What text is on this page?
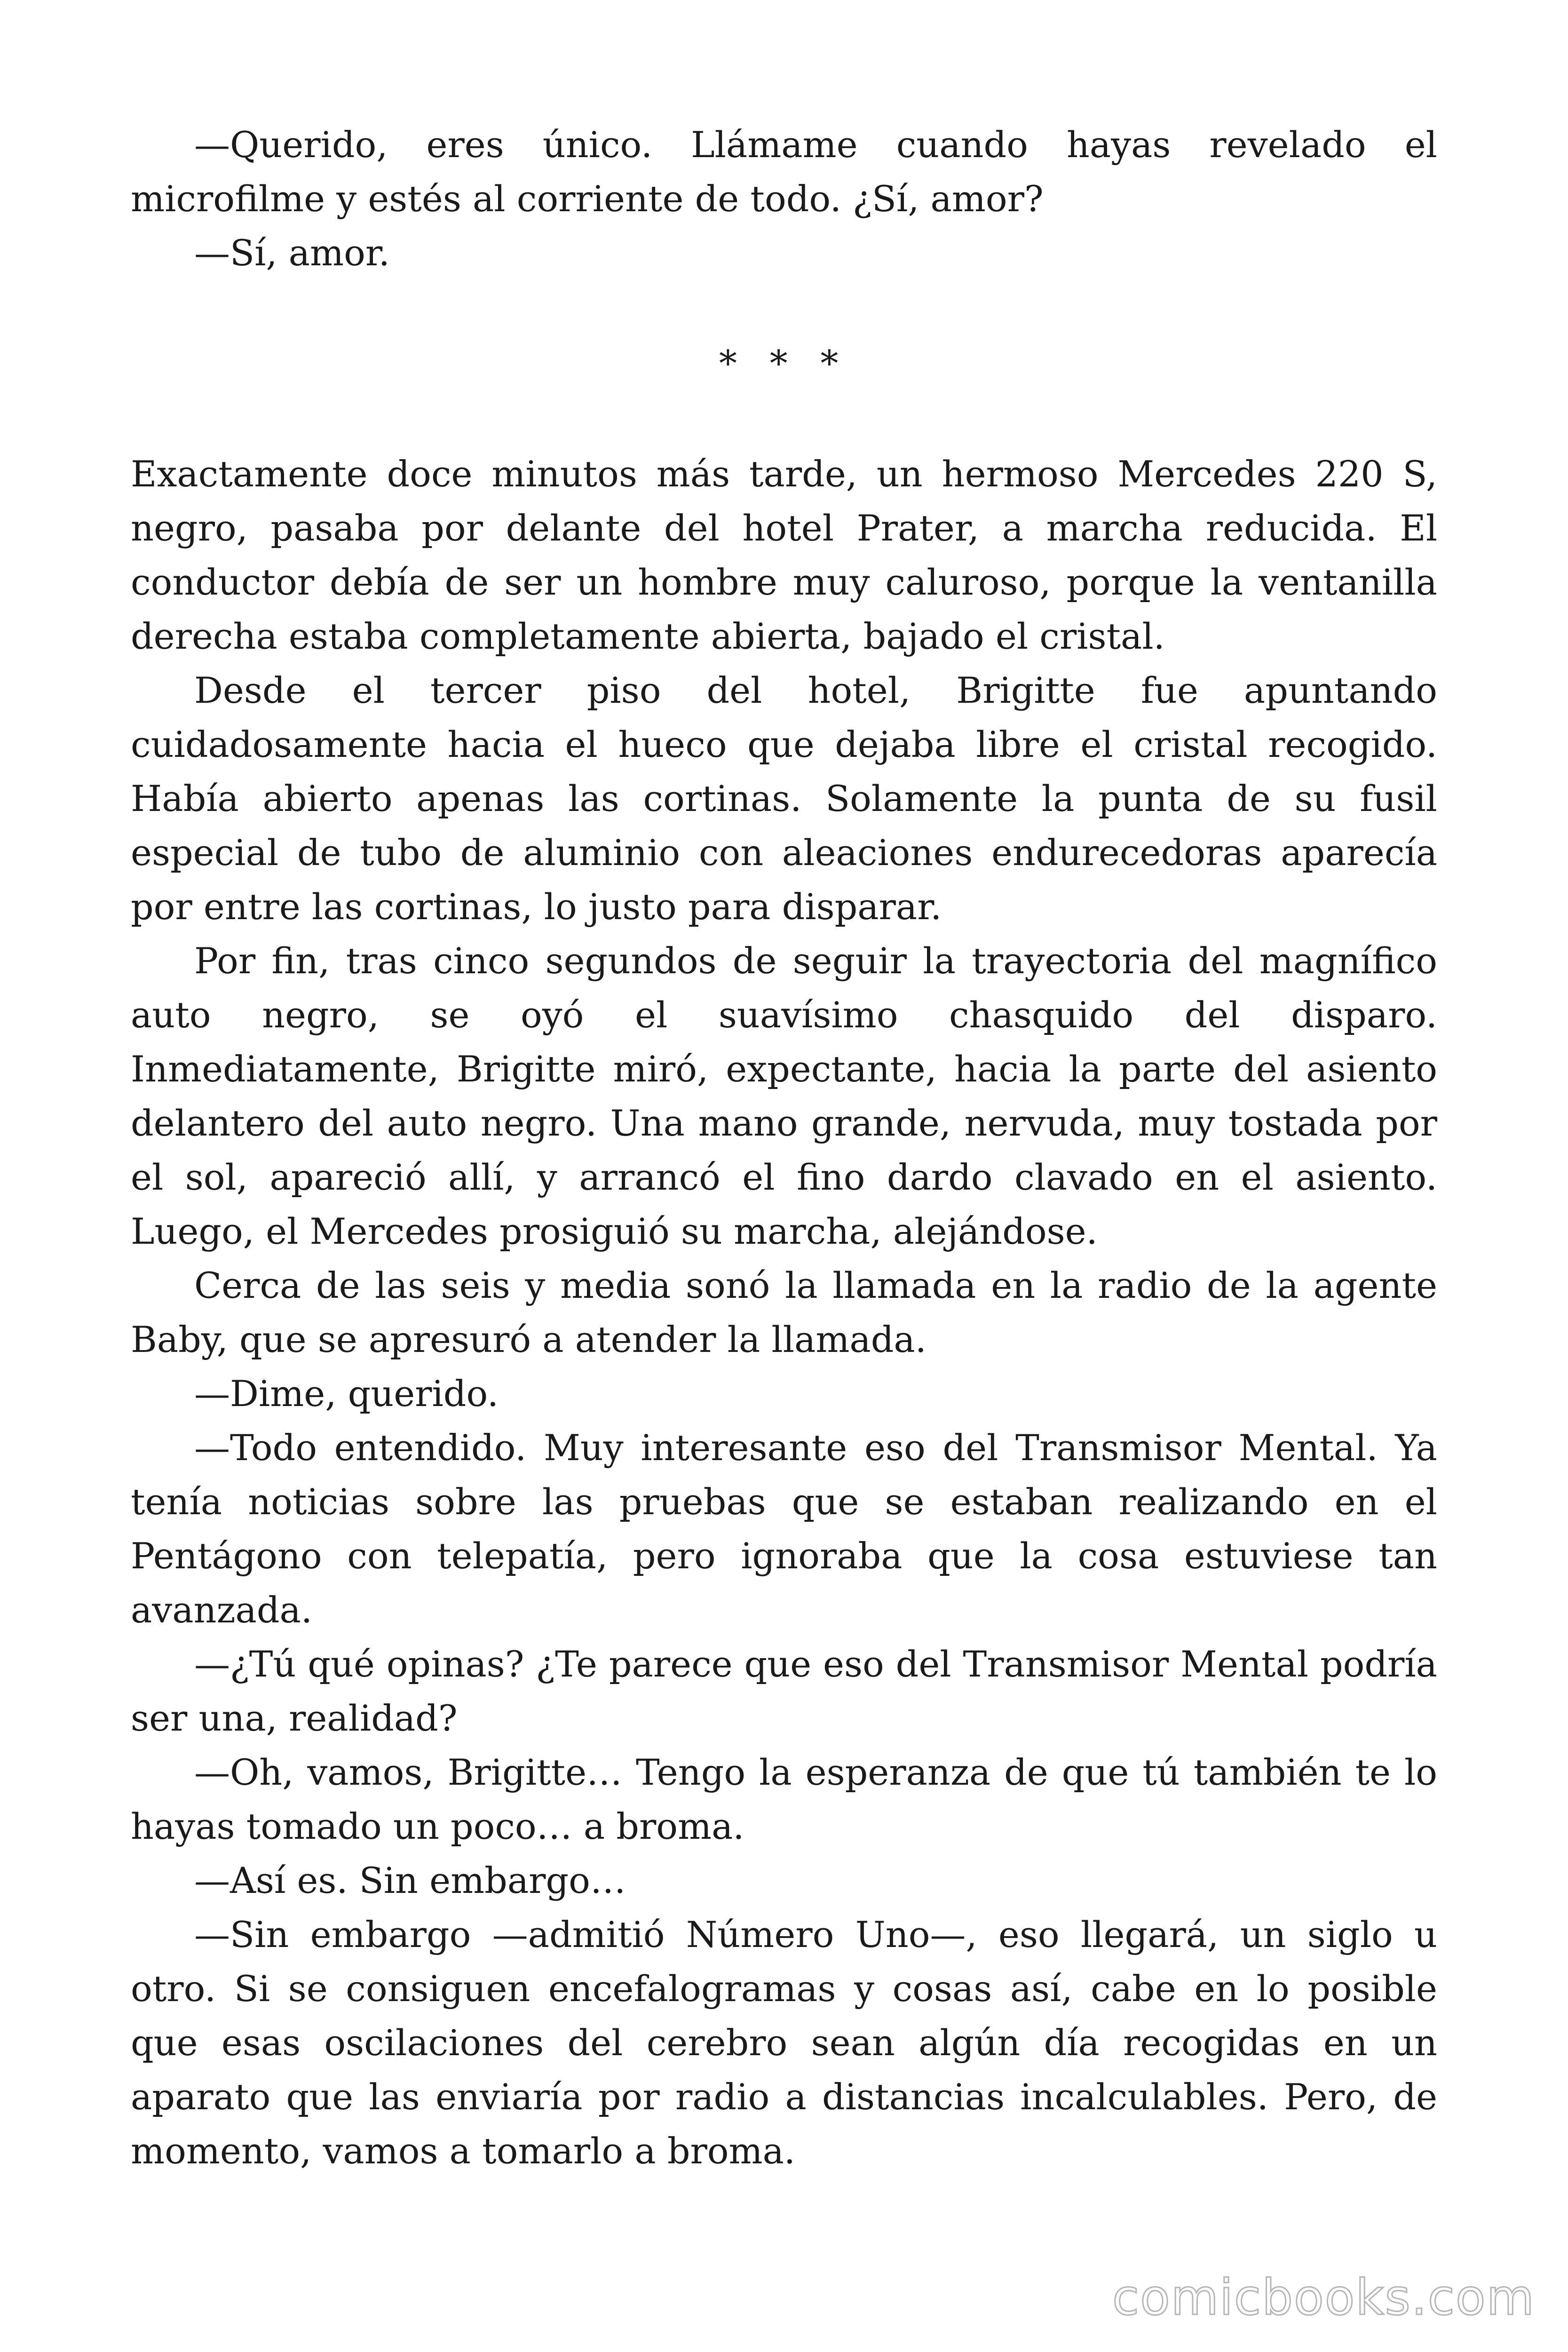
—Querido, eres único. Llámame cuando hayas revelado el microfilme y estés al corriente de todo. ¿Sí, amor?

—Sí, amor.

* * *

Exactamente doce minutos más tarde, un hermoso Mercedes 220 S, negro, pasaba por delante del hotel Prater, a marcha reducida. El conductor debía de ser un hombre muy caluroso, porque la ventanilla derecha estaba completamente abierta, bajado el cristal.

Desde el tercer piso del hotel, Brigitte fue apuntando cuidadosamente hacia el hueco que dejaba libre el cristal recogido. Había abierto apenas las cortinas. Solamente la punta de su fusil especial de tubo de aluminio con aleaciones endurecedoras aparecía por entre las cortinas, lo justo para disparar.

Por fin, tras cinco segundos de seguir la trayectoria del magnífico auto negro, se oyó el suavísimo chasquido del disparo. Inmediatamente, Brigitte miró, expectante, hacia la parte del asiento delantero del auto negro. Una mano grande, nervuda, muy tostada por el sol, apareció allí, y arrancó el fino dardo clavado en el asiento. Luego, el Mercedes prosiguió su marcha, alejándose.

Cerca de las seis y media sonó la llamada en la radio de la agente Baby, que se apresuró a atender la llamada.

—Dime, querido.

—Todo entendido. Muy interesante eso del Transmisor Mental. Ya tenía noticias sobre las pruebas que se estaban realizando en el Pentágono con telepatía, pero ignoraba que la cosa estuviese tan avanzada.

—¿Tú qué opinas? ¿Te parece que eso del Transmisor Mental podría ser una, realidad?

—Oh, vamos, Brigitte… Tengo la esperanza de que tú también te lo hayas tomado un poco… a broma.

—Así es. Sin embargo…

—Sin embargo —admitió Número Uno—, eso llegará, un siglo u otro. Si se consiguen encefalogramas y cosas así, cabe en lo posible que esas oscilaciones del cerebro sean algún día recogidas en un aparato que las enviaría por radio a distancias incalculables. Pero, de momento, vamos a tomarlo a broma.

comicbooks.com
